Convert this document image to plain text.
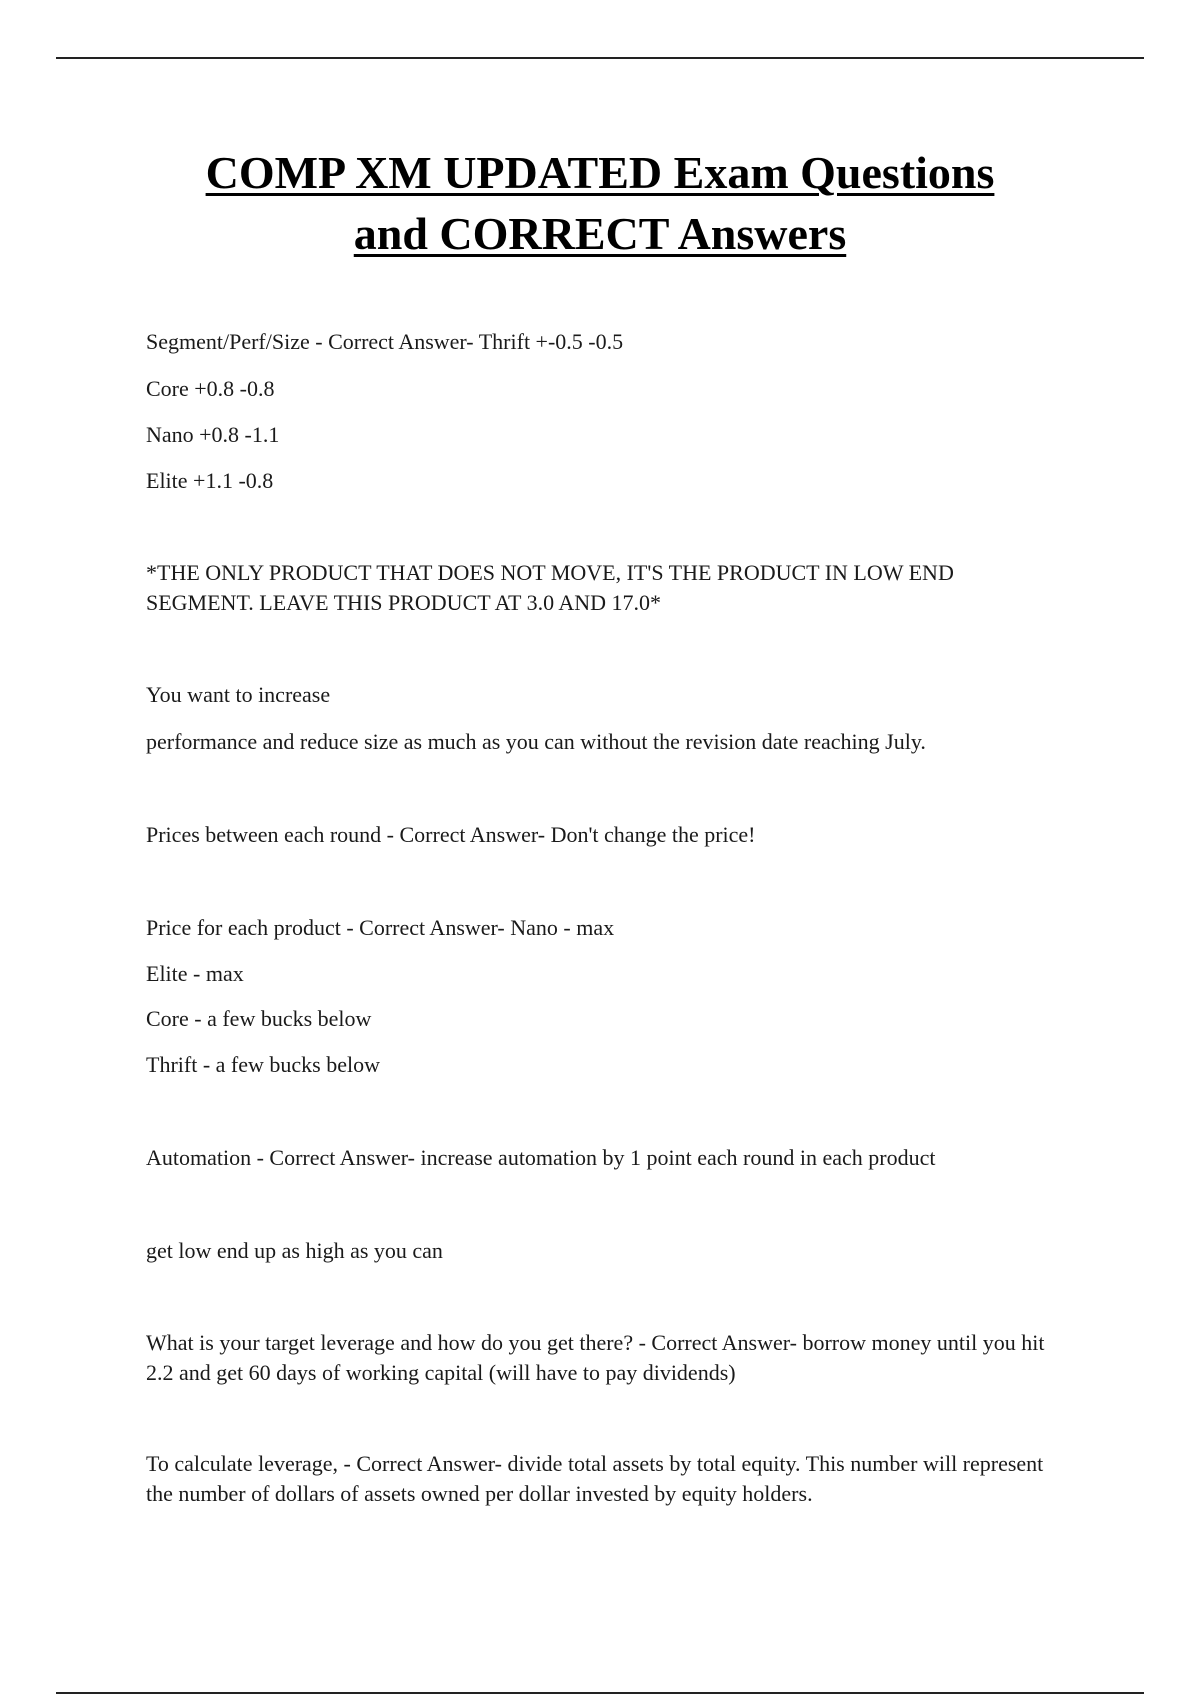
COMP XM UPDATED Exam Questions
and CORRECT Answers

Segment/Perf/Size - Correct Answer- Thrift +-0.5 -0.5

Core +0.8 -0.8

Nano +0.8 -1.1

Elite +1.1 -0.8

*THE ONLY PRODUCT THAT DOES NOT MOVE, IT'S THE PRODUCT IN LOW END SEGMENT. LEAVE THIS PRODUCT AT 3.0 AND 17.0*

You want to increase

performance and reduce size as much as you can without the revision date reaching July.

Prices between each round - Correct Answer- Don't change the price!

Price for each product - Correct Answer- Nano - max

Elite - max

Core - a few bucks below

Thrift - a few bucks below

Automation - Correct Answer- increase automation by 1 point each round in each product

get low end up as high as you can

What is your target leverage and how do you get there? - Correct Answer- borrow money until you hit 2.2 and get 60 days of working capital (will have to pay dividends)

To calculate leverage, - Correct Answer- divide total assets by total equity. This number will represent the number of dollars of assets owned per dollar invested by equity holders.
